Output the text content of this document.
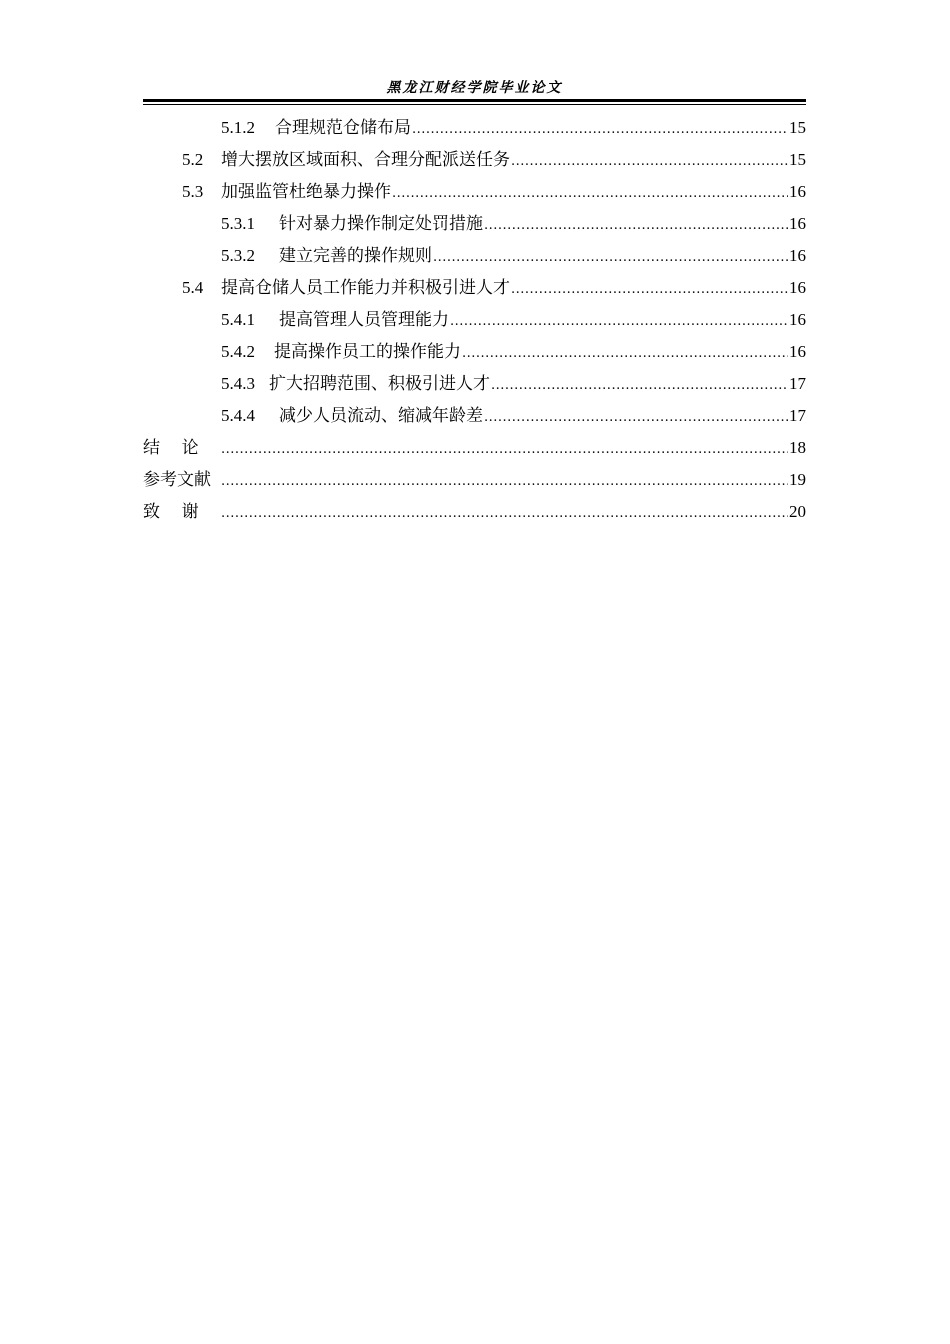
黑龙江财经学院毕业论文
5.1.2	合理规范仓储布局 .....	15
5.2	增大摆放区域面积、合理分配派送任务 .....	15
5.3	加强监管杜绝暴力操作 .....	16
5.3.1	针对暴力操作制定处罚措施 .....	16
5.3.2	建立完善的操作规则 .....	16
5.4	提高仓储人员工作能力并积极引进人才 .....	16
5.4.1	提高管理人员管理能力 .....	16
5.4.2	提高操作员工的操作能力 .....	16
5.4.3 扩大招聘范围、积极引进人才 .....	17
5.4.4	减少人员流动、缩减年龄差 .....	17
结    论 .....	18
参考文献 .....	19
致    谢 .....	20
